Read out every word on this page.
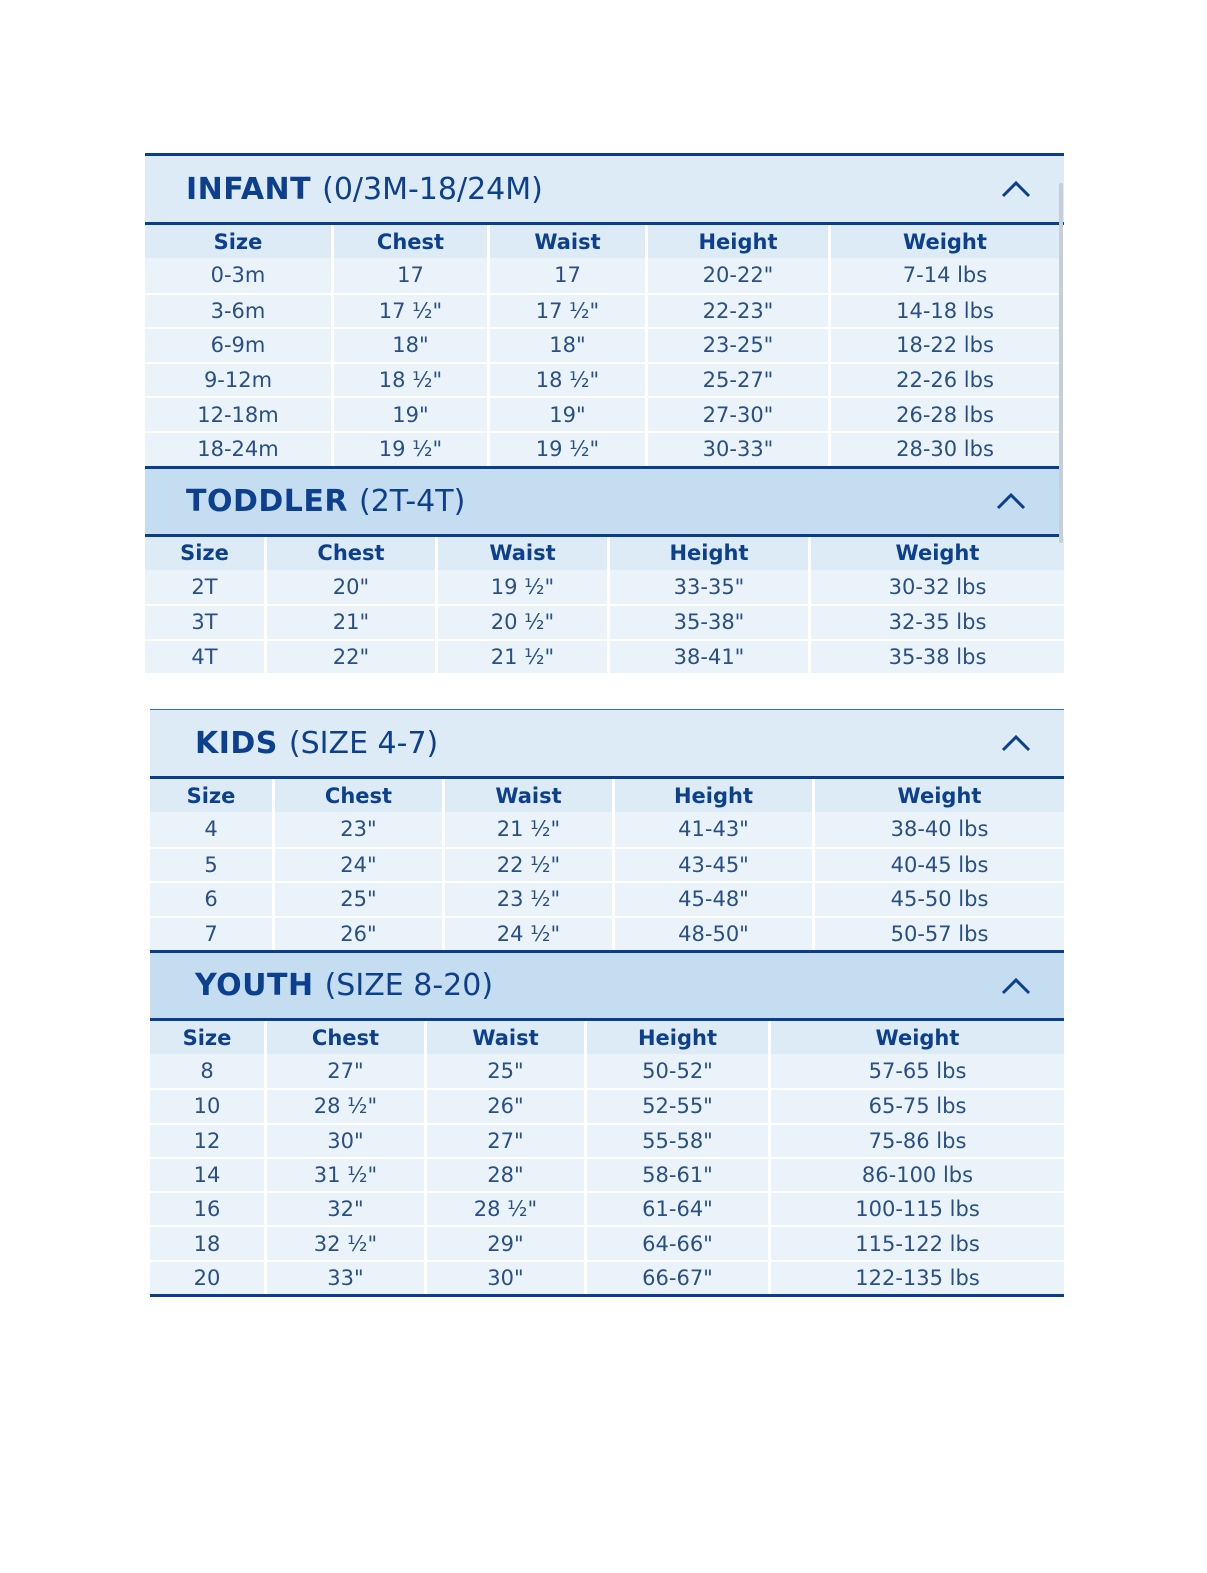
INFANT (0/3M-18/24M)
Size	Chest	Waist	Height	Weight
0-3m	17	17	20-22"	7-14 lbs
3-6m	17 ½"	17 ½"	22-23"	14-18 lbs
6-9m	18"	18"	23-25"	18-22 lbs
9-12m	18 ½"	18 ½"	25-27"	22-26 lbs
12-18m	19"	19"	27-30"	26-28 lbs
18-24m	19 ½"	19 ½"	30-33"	28-30 lbs
TODDLER (2T-4T)
Size	Chest	Waist	Height	Weight
2T	20"	19 ½"	33-35"	30-32 lbs
3T	21"	20 ½"	35-38"	32-35 lbs
4T	22"	21 ½"	38-41"	35-38 lbs
KIDS (SIZE 4-7)
Size	Chest	Waist	Height	Weight
4	23"	21 ½"	41-43"	38-40 lbs
5	24"	22 ½"	43-45"	40-45 lbs
6	25"	23 ½"	45-48"	45-50 lbs
7	26"	24 ½"	48-50"	50-57 lbs
YOUTH (SIZE 8-20)
Size	Chest	Waist	Height	Weight
8	27"	25"	50-52"	57-65 lbs
10	28 ½"	26"	52-55"	65-75 lbs
12	30"	27"	55-58"	75-86 lbs
14	31 ½"	28"	58-61"	86-100 lbs
16	32"	28 ½"	61-64"	100-115 lbs
18	32 ½"	29"	64-66"	115-122 lbs
20	33"	30"	66-67"	122-135 lbs
